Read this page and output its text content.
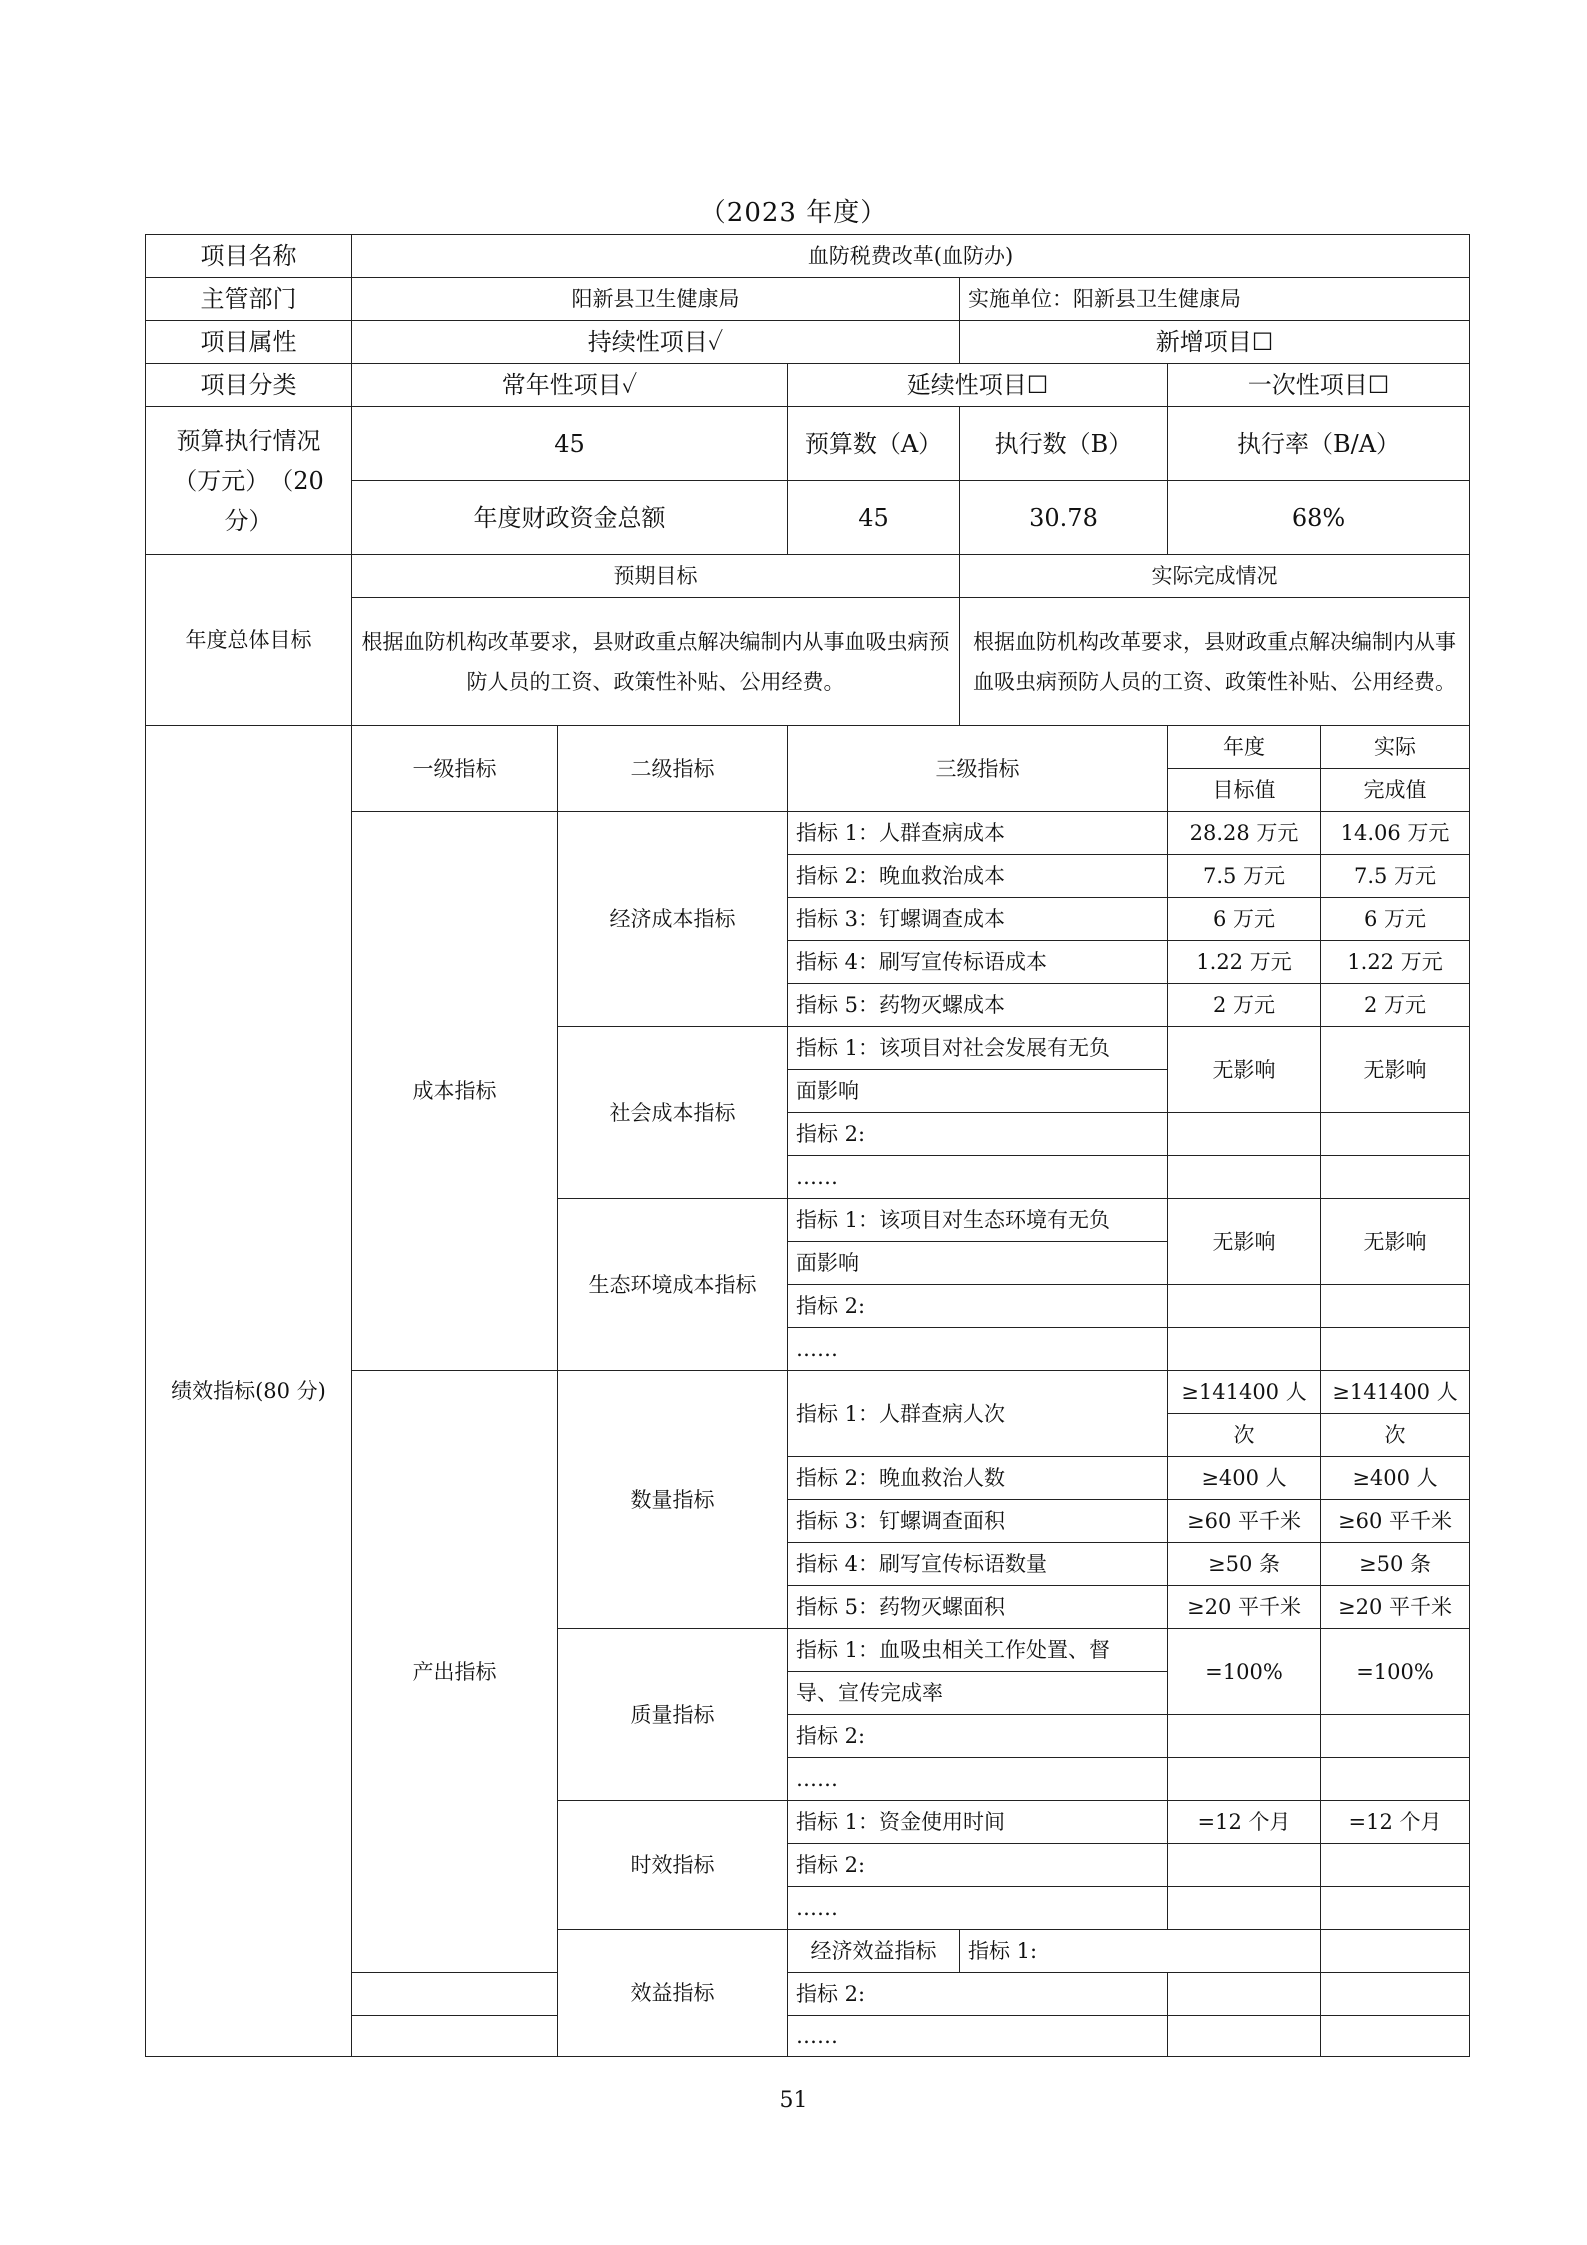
（2023 年度）
项目名称	血防税费改革(血防办)						
主管部门	阳新县卫生健康局			实施单位：阳新县卫生健康局			
项目属性	持续性项目✓			新增项目☐			
项目分类	常年性项目✓		延续性项目☐		一次性项目☐		
预算执行情况
（万元）　（20
分）	45		预算数（A）	执行数（B）	执行率（B/A）		
	年度财政资金总额		45	30.78	68%		
年度总体目标	预期目标			实际完成情况			
	根据血防机构改革要求，县财政重点解决编制内从事血吸虫病预防人员的工资、政策性补贴、公用经费。			根据血防机构改革要求，县财政重点解决编制内从事血吸虫病预防人员的工资、政策性补贴、公用经费。			
绩效指标(80 分)	一级指标	二级指标	三级指标		年度	实际	
					目标值	完成值	
	成本指标	经济成本指标	指标 1：人群查病成本		28.28 万元	14.06 万元	
			指标 2：晚血救治成本		7.5 万元	7.5 万元	
			指标 3：钉螺调查成本		6 万元	6 万元	
			指标 4：刷写宣传标语成本		1.22 万元	1.22 万元	
			指标 5：药物灭螺成本		2 万元	2 万元	
		社会成本指标	指标 1：该项目对社会发展有无负		无影响	无影响	
			面影响				
			指标 2:				
			……				
		生态环境成本指标	指标 1：该项目对生态环境有无负		无影响	无影响	
			面影响				
			指标 2:				
			……				
	产出指标	数量指标	指标 1：人群查病人次		≥141400 人	≥141400 人	
					次	次	
			指标 2：晚血救治人数		≥400 人	≥400 人	
			指标 3：钉螺调查面积		≥60 平千米	≥60 平千米	
			指标 4：刷写宣传标语数量		≥50 条	≥50 条	
			指标 5：药物灭螺面积		≥20 平千米	≥20 平千米	
		质量指标	指标 1：血吸虫相关工作处置、督		=100%	=100%	
			导、宣传完成率				
			指标 2:				
			……				
		时效指标	指标 1：资金使用时间		=12 个月	=12 个月	
			指标 2:				
			……				
		效益指标	经济效益指标	指标 1:			
			指标 2:				
			……				
51
